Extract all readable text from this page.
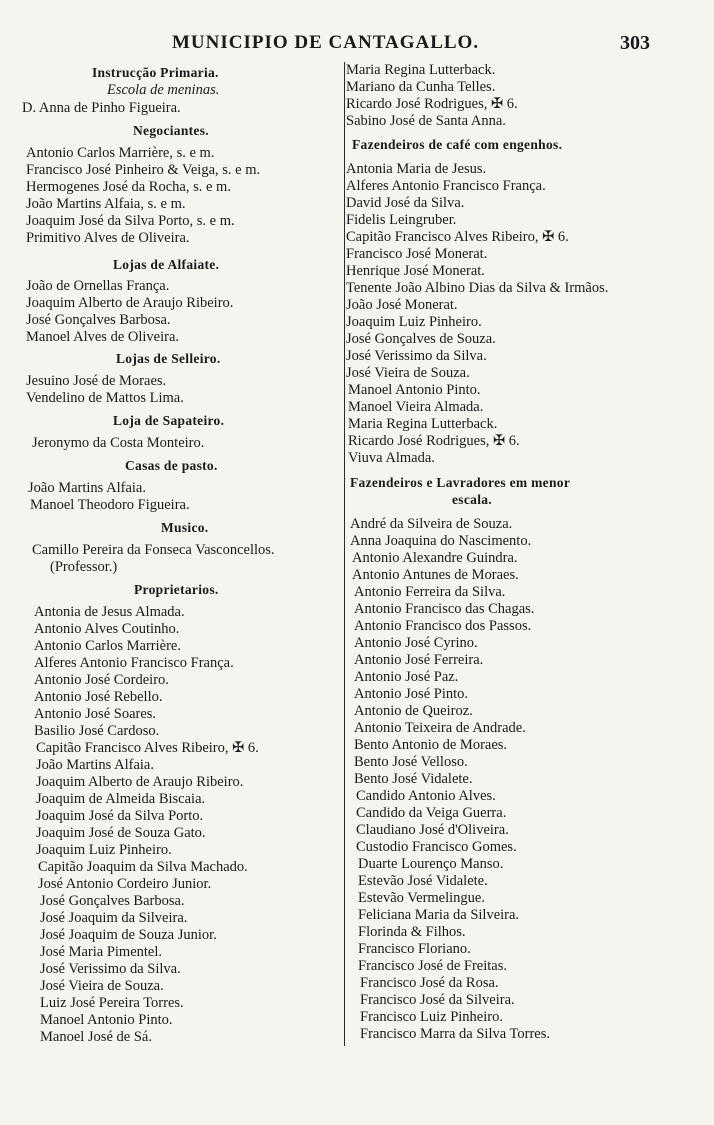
MUNICIPIO DE CANTAGALLO.	303
Instrucção Primaria.
Escola de meninas.
D. Anna de Pinho Figueira.
Negociantes.
Antonio Carlos Marrière, s. e m.
Francisco José Pinheiro & Veiga, s. e m.
Hermogenes José da Rocha, s. e m.
João Martins Alfaia, s. e m.
Joaquim José da Silva Porto, s. e m.
Primitivo Alves de Oliveira.
Lojas de Alfaiate.
João de Ornellas França.
Joaquim Alberto de Araujo Ribeiro.
José Gonçalves Barbosa.
Manoel Alves de Oliveira.
Lojas de Selleiro.
Jesuino José de Moraes.
Vendelino de Mattos Lima.
Loja de Sapateiro.
Jeronymo da Costa Monteiro.
Casas de pasto.
João Martins Alfaia.
Manoel Theodoro Figueira.
Musico.
Camillo Pereira da Fonseca Vasconcellos.
(Professor.)
Proprietarios.
Antonia de Jesus Almada.
Antonio Alves Coutinho.
Antonio Carlos Marrière.
Alferes Antonio Francisco França.
Antonio José Cordeiro.
Antonio José Rebello.
Antonio José Soares.
Basilio José Cardoso.
Capitão Francisco Alves Ribeiro, ✠ 6.
João Martins Alfaia.
Joaquim Alberto de Araujo Ribeiro.
Joaquim de Almeida Biscaia.
Joaquim José da Silva Porto.
Joaquim José de Souza Gato.
Joaquim Luiz Pinheiro.
Capitão Joaquim da Silva Machado.
José Antonio Cordeiro Junior.
José Gonçalves Barbosa.
José Joaquim da Silveira.
José Joaquim de Souza Junior.
José Maria Pimentel.
José Verissimo da Silva.
José Vieira de Souza.
Luiz José Pereira Torres.
Manoel Antonio Pinto.
Manoel José de Sá.
Maria Regina Lutterback.
Mariano da Cunha Telles.
Ricardo José Rodrigues, ✠ 6.
Sabino José de Santa Anna.
Fazendeiros de café com engenhos.
Antonia Maria de Jesus.
Alferes Antonio Francisco França.
David José da Silva.
Fidelis Leingruber.
Capitão Francisco Alves Ribeiro, ✠ 6.
Francisco José Monerat.
Henrique José Monerat.
Tenente João Albino Dias da Silva & Irmãos.
João José Monerat.
Joaquim Luiz Pinheiro.
José Gonçalves de Souza.
José Verissimo da Silva.
José Vieira de Souza.
Manoel Antonio Pinto.
Manoel Vieira Almada.
Maria Regina Lutterback.
Ricardo José Rodrigues, ✠ 6.
Viuva Almada.
Fazendeiros e Lavradores em menor
escala.
André da Silveira de Souza.
Anna Joaquina do Nascimento.
Antonio Alexandre Guindra.
Antonio Antunes de Moraes.
Antonio Ferreira da Silva.
Antonio Francisco das Chagas.
Antonio Francisco dos Passos.
Antonio José Cyrino.
Antonio José Ferreira.
Antonio José Paz.
Antonio José Pinto.
Antonio de Queiroz.
Antonio Teixeira de Andrade.
Bento Antonio de Moraes.
Bento José Velloso.
Bento José Vidalete.
Candido Antonio Alves.
Candido da Veiga Guerra.
Claudiano José d'Oliveira.
Custodio Francisco Gomes.
Duarte Lourenço Manso.
Estevão José Vidalete.
Estevão Vermelingue.
Feliciana Maria da Silveira.
Florinda & Filhos.
Francisco Floriano.
Francisco José de Freitas.
Francisco José da Rosa.
Francisco José da Silveira.
Francisco Luiz Pinheiro.
Francisco Marra da Silva Torres.
